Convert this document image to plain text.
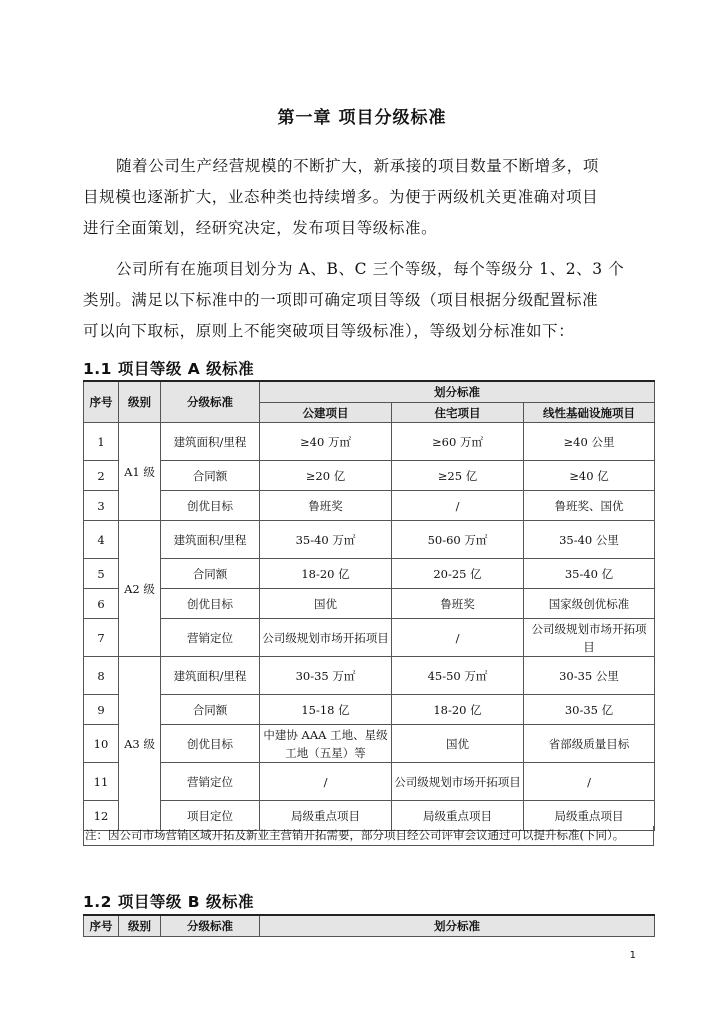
第一章 项目分级标准

随着公司生产经营规模的不断扩大，新承接的项目数量不断增多，项
目规模也逐渐扩大，业态种类也持续增多。为便于两级机关更准确对项目
进行全面策划，经研究决定，发布项目等级标准。

公司所有在施项目划分为 A、B、C 三个等级，每个等级分 1、2、3 个
类别。满足以下标准中的一项即可确定项目等级（项目根据分级配置标准
可以向下取标，原则上不能突破项目等级标准），等级划分标准如下：

1.1 项目等级 A 级标准
序号	级别	分级标准	划分标准		
			公建项目	住宅项目	线性基础设施项目
1	A1 级	建筑面积/里程	≥40 万㎡	≥60 万㎡	≥40 公里
2		合同额	≥20 亿	≥25 亿	≥40 亿
3		创优目标	鲁班奖	/	鲁班奖、国优
4	A2 级	建筑面积/里程	35-40 万㎡	50-60 万㎡	35-40 公里
5		合同额	18-20 亿	20-25 亿	35-40 亿
6		创优目标	国优	鲁班奖	国家级创优标准
7		营销定位	公司级规划市场开拓项目	/	公司级规划市场开拓项目
8	A3 级	建筑面积/里程	30-35 万㎡	45-50 万㎡	30-35 公里
9		合同额	15-18 亿	18-20 亿	30-35 亿
10		创优目标	中建协 AAA 工地、星级工地（五星）等	国优	省部级质量目标
11		营销定位	/	公司级规划市场开拓项目	/
12		项目定位	局级重点项目	局级重点项目	局级重点项目
注：因公司市场营销区域开拓及新业主营销开拓需要，部分项目经公司评审会议通过可以提升标准(下同）。
1.2 项目等级 B 级标准
序号	级别	分级标准	划分标准
1
